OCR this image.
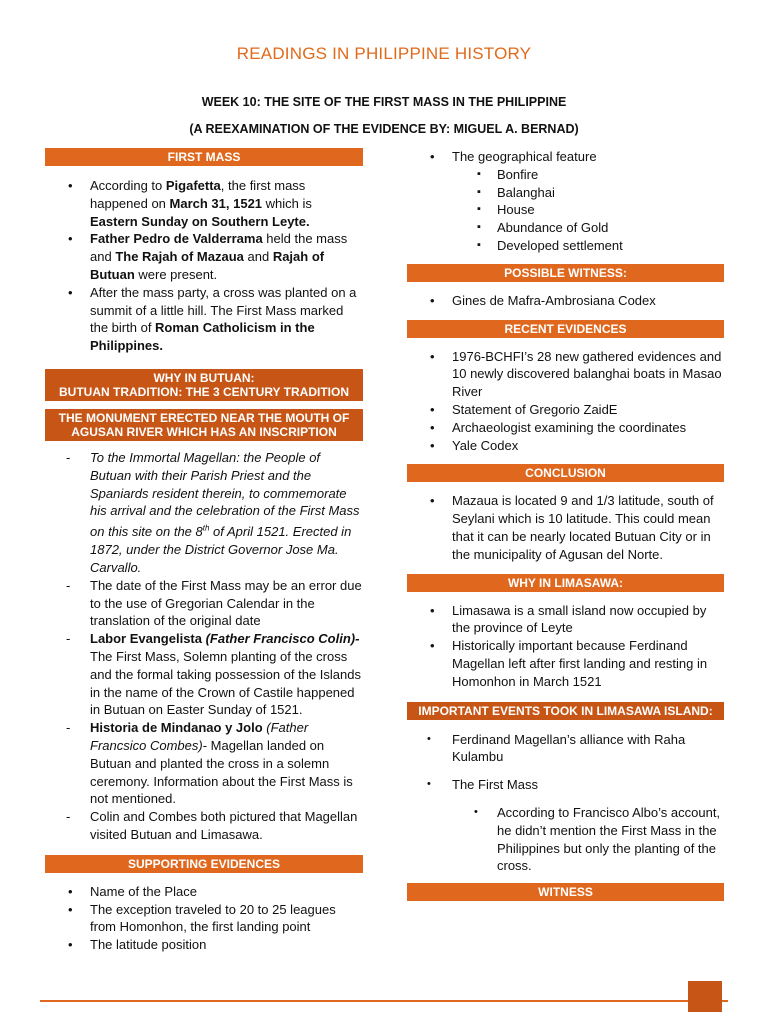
READINGS IN PHILIPPINE HISTORY
WEEK 10: THE SITE OF THE FIRST MASS IN THE PHILIPPINE
(A REEXAMINATION OF THE EVIDENCE BY: MIGUEL A. BERNAD)
FIRST MASS
• According to Pigafetta, the first mass happened on March 31, 1521 which is Eastern Sunday on Southern Leyte.
• Father Pedro de Valderrama held the mass and The Rajah of Mazaua and Rajah of Butuan were present.
• After the mass party, a cross was planted on a summit of a little hill. The First Mass marked the birth of Roman Catholicism in the Philippines.
WHY IN BUTUAN:
BUTUAN TRADITION: THE 3 CENTURY TRADITION
THE MONUMENT ERECTED NEAR THE MOUTH OF AGUSAN RIVER WHICH HAS AN INSCRIPTION
- To the Immortal Magellan: the People of Butuan with their Parish Priest and the Spaniards resident therein, to commemorate his arrival and the celebration of the First Mass on this site on the 8th of April 1521. Erected in 1872, under the District Governor Jose Ma. Carvallo.
- The date of the First Mass may be an error due to the use of Gregorian Calendar in the translation of the original date
- Labor Evangelista (Father Francisco Colin)- The First Mass, Solemn planting of the cross and the formal taking possession of the Islands in the name of the Crown of Castile happened in Butuan on Easter Sunday of 1521.
- Historia de Mindanao y Jolo (Father Francsico Combes)- Magellan landed on Butuan and planted the cross in a solemn ceremony. Information about the First Mass is not mentioned.
- Colin and Combes both pictured that Magellan visited Butuan and Limasawa.
SUPPORTING EVIDENCES
• Name of the Place
• The exception traveled to 20 to 25 leagues from Homonhon, the first landing point
• The latitude position
• The geographical feature
▪ Bonfire
▪ Balanghai
▪ House
▪ Abundance of Gold
▪ Developed settlement
POSSIBLE WITNESS:
• Gines de Mafra-Ambrosiana Codex
RECENT EVIDENCES
• 1976-BCHFI’s 28 new gathered evidences and 10 newly discovered balanghai boats in Masao River
• Statement of Gregorio ZaidE
• Archaeologist examining the coordinates
• Yale Codex
CONCLUSION
• Mazaua is located 9 and 1/3 latitude, south of Seylani which is 10 latitude. This could mean that it can be nearly located Butuan City or in the municipality of Agusan del Norte.
WHY IN LIMASAWA:
• Limasawa is a small island now occupied by the province of Leyte
• Historically important because Ferdinand Magellan left after first landing and resting in Homonhon in March 1521
IMPORTANT EVENTS TOOK IN LIMASAWA ISLAND:
• Ferdinand Magellan’s alliance with Raha Kulambu
• The First Mass
• According to Francisco Albo’s account, he didn’t mention the First Mass in the Philippines but only the planting of the cross.
WITNESS
